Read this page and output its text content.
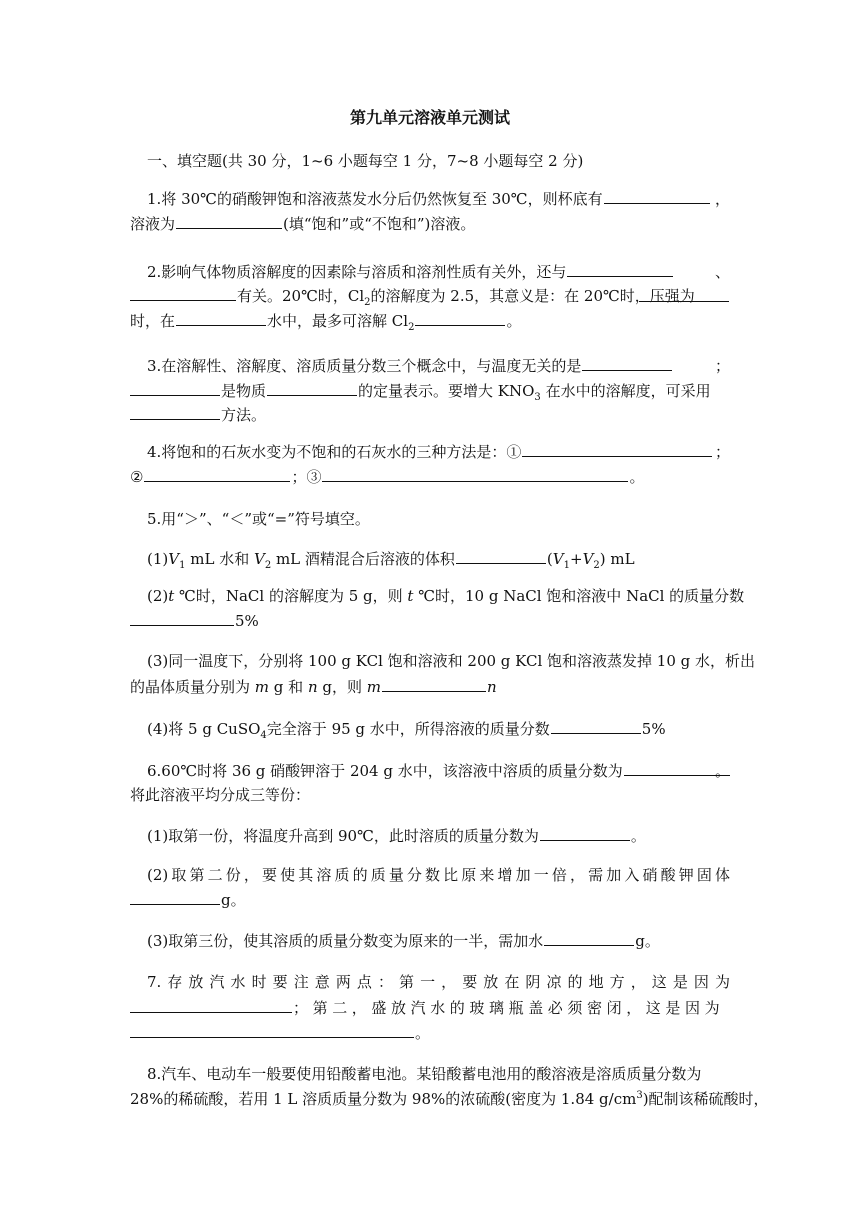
第九单元溶液单元测试
一、填空题(共 30 分，1~6 小题每空 1 分，7~8 小题每空 2 分)
1.将 30℃的硝酸钾饱和溶液蒸发水分后仍然恢复至 30℃，则杯底有	，
溶液为	(填“饱和”或“不饱和”)溶液。
2.影响气体物质溶解度的因素除与溶质和溶剂性质有关外，还与	、
有关。20℃时，$Cl_2$的溶解度为 2.5，其意义是：在 20℃时，压强为
时，在	水中，最多可溶解 $Cl_2$	。
3.在溶解性、溶解度、溶质质量分数三个概念中，与温度无关的是	；
是物质	的定量表示。要增大 $KNO_3$ 在水中的溶解度，可采用
方法。
4.将饱和的石灰水变为不饱和的石灰水的三种方法是：①	；
②	；③	。
5.用“＞”、“＜”或“=”符号填空。
$(1)V_1$ mL 水和 $V_2$ mL 酒精混合后溶液的体积	$(V_1+V_2)$ mL
(2)t ℃时，NaCl 的溶解度为 5 g，则 t ℃时，10 g NaCl 饱和溶液中 NaCl 的质量分数
5%
(3)同一温度下，分别将 100 g KCl 饱和溶液和 200 g KCl 饱和溶液蒸发掉 10 g 水，析出
的晶体质量分别为 m g 和 n g，则 m	n
(4)将 5 g CuSO$_4$完全溶于 95 g 水中，所得溶液的质量分数	5%
6.60℃时将 36 g 硝酸钾溶于 204 g 水中，该溶液中溶质的质量分数为	。
将此溶液平均分成三等份：
(1)取第一份，将温度升高到 90℃，此时溶质的质量分数为	。
(2)取第二份，要使其溶质的质量分数比原来增加一倍，需加入硝酸钾固体
g。
(3)取第三份，使其溶质的质量分数变为原来的一半，需加水	g。
7.存放汽水时要注意两点：第一，要放在阴凉的地方，这是因为
；第二，盛放汽水的玻璃瓶盖必须密闭，这是因为
。
8.汽车、电动车一般要使用铅酸蓄电池。某铅酸蓄电池用的酸溶液是溶质质量分数为
28%的稀硫酸，若用 1 L 溶质质量分数为 98%的浓硫酸(密度为 1.84 $g/cm^3$)配制该稀硫酸时，
